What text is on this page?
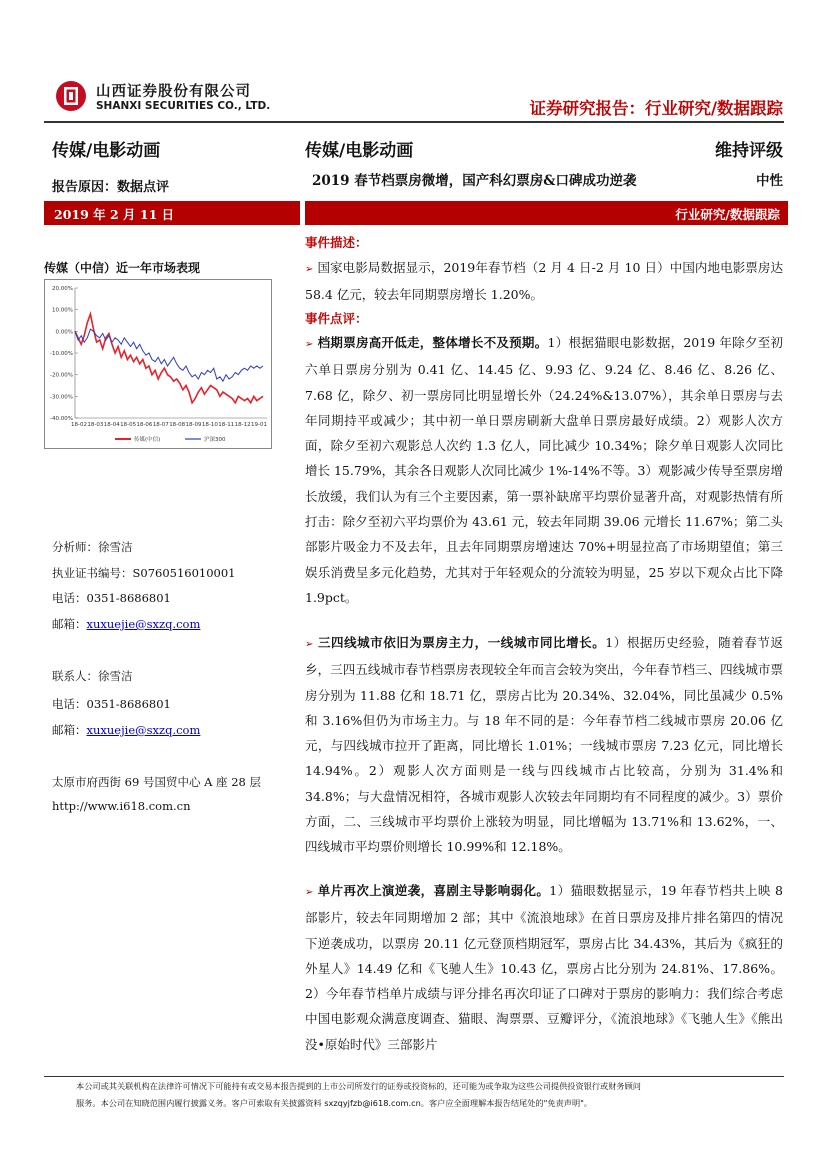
山西证券股份有限公司
SHANXI SECURITIES CO., LTD.	证券研究报告：行业研究/数据跟踪
传媒/电影动画
报告原因：数据点评
2019 年 2 月 11 日
传媒（中信）近一年市场表现
20.00%
10.00%
0.00%
-10.00%
-20.00%
-30.00%
-40.00%
18-02 18-03 18-04 18-05 18-06 18-07 18-08 18-09 18-10 18-11 18-12 19-01
传媒(中信)	沪深300
分析师：徐雪洁
执业证书编号：S0760516010001
电话：0351-8686801
邮箱：xuxuejie@sxzq.com
联系人：徐雪洁
电话：0351-8686801
邮箱：xuxuejie@sxzq.com
太原市府西街 69 号国贸中心 A 座 28 层
http://www.i618.com.cn
传媒/电影动画	维持评级
2019 春节档票房微增，国产科幻票房&口碑成功逆袭	中性
行业研究/数据跟踪
事件描述：
➢ 国家电影局数据显示，2019年春节档（2 月 4 日-2 月 10 日）中国内地电影票房达 58.4 亿元，较去年同期票房增长 1.20%。
事件点评：
➢ 档期票房高开低走，整体增长不及预期。1）根据猫眼电影数据，2019 年除夕至初六单日票房分别为 0.41 亿、14.45 亿、9.93 亿、9.24 亿、8.46 亿、8.26 亿、7.68 亿，除夕、初一票房同比明显增长外（24.24%&13.07%），其余单日票房与去年同期持平或减少；其中初一单日票房刷新大盘单日票房最好成绩。2）观影人次方面，除夕至初六观影总人次约 1.3 亿人，同比减少 10.34%；除夕单日观影人次同比增长 15.79%，其余各日观影人次同比减少 1%-14%不等。3）观影减少传导至票房增长放缓，我们认为有三个主要因素，第一票补缺席平均票价显著升高，对观影热情有所打击：除夕至初六平均票价为 43.61 元，较去年同期 39.06 元增长 11.67%；第二头部影片吸金力不及去年，且去年同期票房增速达 70%+明显拉高了市场期望值；第三娱乐消费呈多元化趋势，尤其对于年轻观众的分流较为明显，25 岁以下观众占比下降 1.9pct。
➢ 三四线城市依旧为票房主力，一线城市同比增长。1）根据历史经验，随着春节返乡，三四五线城市春节档票房表现较全年而言会较为突出，今年春节档三、四线城市票房分别为 11.88 亿和 18.71 亿，票房占比为 20.34%、32.04%，同比虽减少 0.5%和 3.16%但仍为市场主力。与 18 年不同的是：今年春节档二线城市票房 20.06 亿元，与四线城市拉开了距离，同比增长 1.01%；一线城市票房 7.23 亿元，同比增长 14.94%。2）观影人次方面则是一线与四线城市占比较高，分别为 31.4%和 34.8%；与大盘情况相符，各城市观影人次较去年同期均有不同程度的减少。3）票价方面，二、三线城市平均票价上涨较为明显，同比增幅为 13.71%和 13.62%，一、四线城市平均票价则增长 10.99%和 12.18%。
➢ 单片再次上演逆袭，喜剧主导影响弱化。1）猫眼数据显示，19 年春节档共上映 8 部影片，较去年同期增加 2 部；其中《流浪地球》在首日票房及排片排名第四的情况下逆袭成功，以票房 20.11 亿元登顶档期冠军，票房占比 34.43%，其后为《疯狂的外星人》14.49 亿和《飞驰人生》10.43 亿，票房占比分别为 24.81%、17.86%。2）今年春节档单片成绩与评分排名再次印证了口碑对于票房的影响力：我们综合考虑中国电影观众满意度调查、猫眼、淘票票、豆瓣评分，《流浪地球》《飞驰人生》《熊出没•原始时代》三部影片
本公司或其关联机构在法律许可情况下可能持有或交易本报告提到的上市公司所发行的证券或投资标的，还可能为或争取为这些公司提供投资银行或财务顾问
服务。本公司在知晓范围内履行披露义务。客户可索取有关披露资料 sxzqyjfzb@i618.com.cn。客户应全面理解本报告结尾处的"免责声明"。
